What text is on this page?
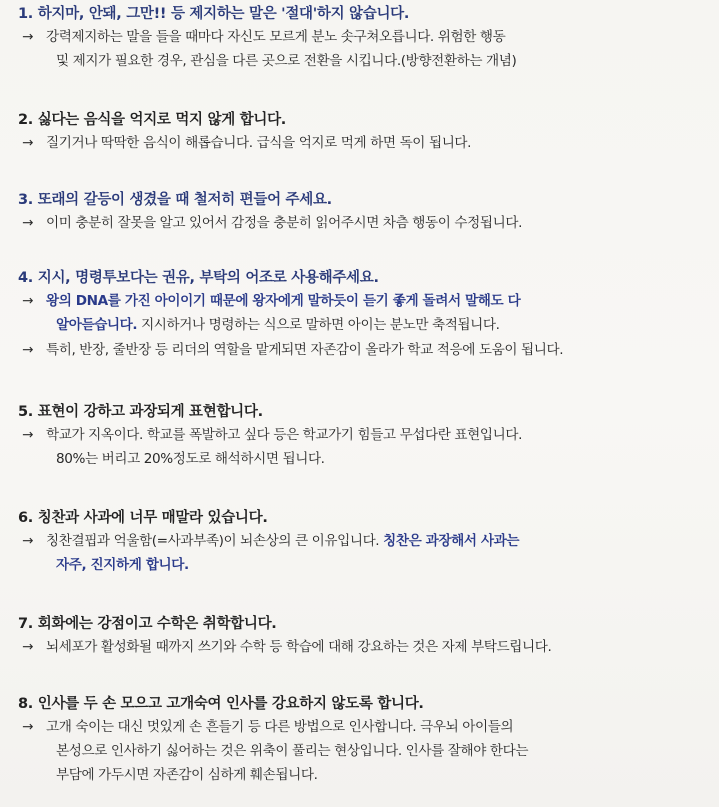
1. 하지마, 안돼, 그만!! 등 제지하는 말은 '절대'하지 않습니다.
→ 강력제지하는 말을 들을 때마다 자신도 모르게 분노 솟구쳐오릅니다. 위험한 행동
및 제지가 필요한 경우, 관심을 다른 곳으로 전환을 시킵니다.(방향전환하는 개념)
2. 싫다는 음식을 억지로 먹지 않게 합니다.
→ 질기거나 딱딱한 음식이 해롭습니다. 급식을 억지로 먹게 하면 독이 됩니다.
3. 또래의 갈등이 생겼을 때 철저히 편들어 주세요.
→ 이미 충분히 잘못을 알고 있어서 감정을 충분히 읽어주시면 차츰 행동이 수정됩니다.
4. 지시, 명령투보다는 권유, 부탁의 어조로 사용해주세요.
→ 왕의 DNA를 가진 아이이기 때문에 왕자에게 말하듯이 듣기 좋게 돌려서 말해도 다
알아듣습니다. 지시하거나 명령하는 식으로 말하면 아이는 분노만 축적됩니다.
→ 특히, 반장, 줄반장 등 리더의 역할을 맡게되면 자존감이 올라가 학교 적응에 도움이 됩니다.
5. 표현이 강하고 과장되게 표현합니다.
→ 학교가 지옥이다. 학교를 폭발하고 싶다 등은 학교가기 힘들고 무섭다란 표현입니다.
80%는 버리고 20%정도로 해석하시면 됩니다.
6. 칭찬과 사과에 너무 매말라 있습니다.
→ 칭찬결핍과 억울함(=사과부족)이 뇌손상의 큰 이유입니다. 칭찬은 과장해서 사과는
자주, 진지하게 합니다.
7. 회화에는 강점이고 수학은 취학합니다.
→ 뇌세포가 활성화될 때까지 쓰기와 수학 등 학습에 대해 강요하는 것은 자제 부탁드립니다.
8. 인사를 두 손 모으고 고개숙여 인사를 강요하지 않도록 합니다.
→ 고개 숙이는 대신 멋있게 손 흔들기 등 다른 방법으로 인사합니다. 극우뇌 아이들의
본성으로 인사하기 싫어하는 것은 위축이 풀리는 현상입니다. 인사를 잘해야 한다는
부담에 가두시면 자존감이 심하게 훼손됩니다.
